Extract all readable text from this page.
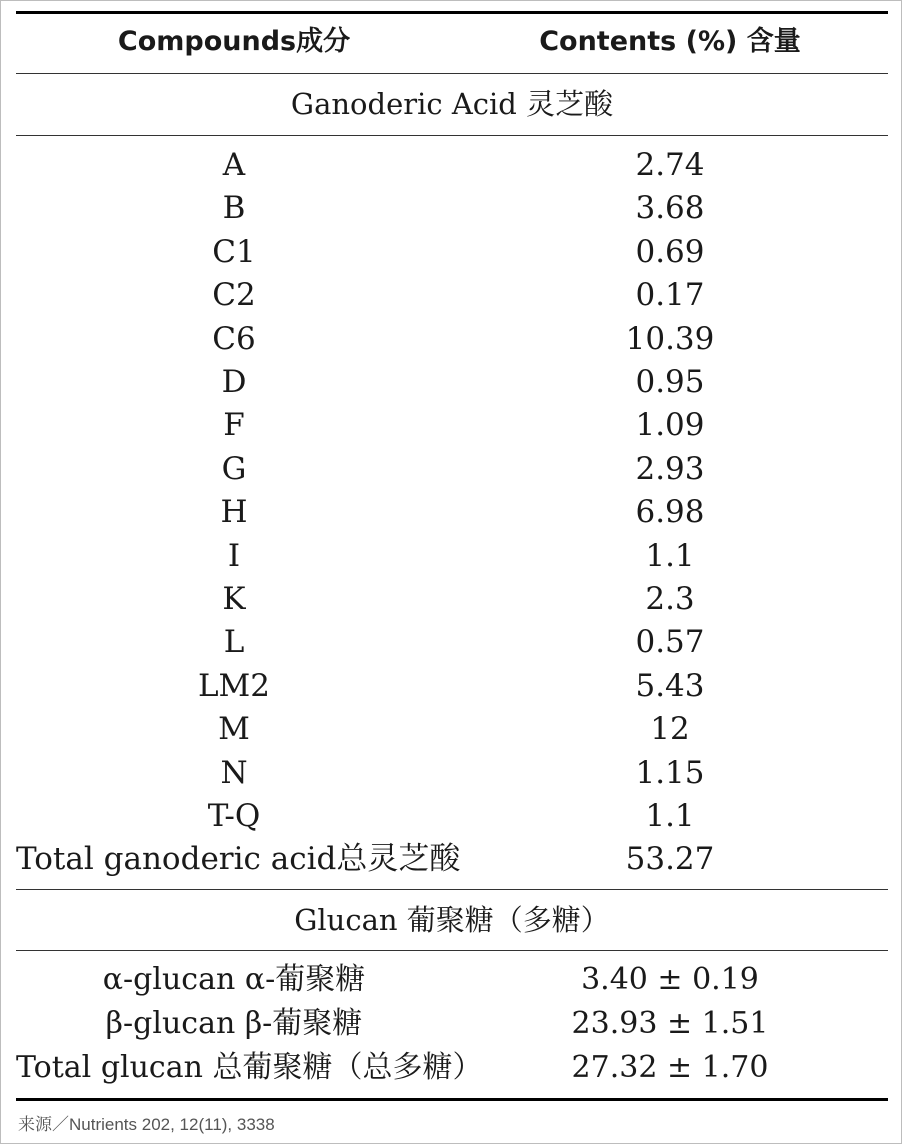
Compounds成分	Contents (%) 含量
Ganoderic Acid 灵芝酸
A	2.74
B	3.68
C1	0.69
C2	0.17
C6	10.39
D	0.95
F	1.09
G	2.93
H	6.98
I	1.1
K	2.3
L	0.57
LM2	5.43
M	12
N	1.15
T-Q	1.1
Total ganoderic acid总灵芝酸	53.27
Glucan 葡聚糖（多糖）
α-glucan α-葡聚糖	3.40 ± 0.19
β-glucan β-葡聚糖	23.93 ± 1.51
Total glucan 总葡聚糖（总多糖）	27.32 ± 1.70
来源／Nutrients 202, 12(11), 3338
